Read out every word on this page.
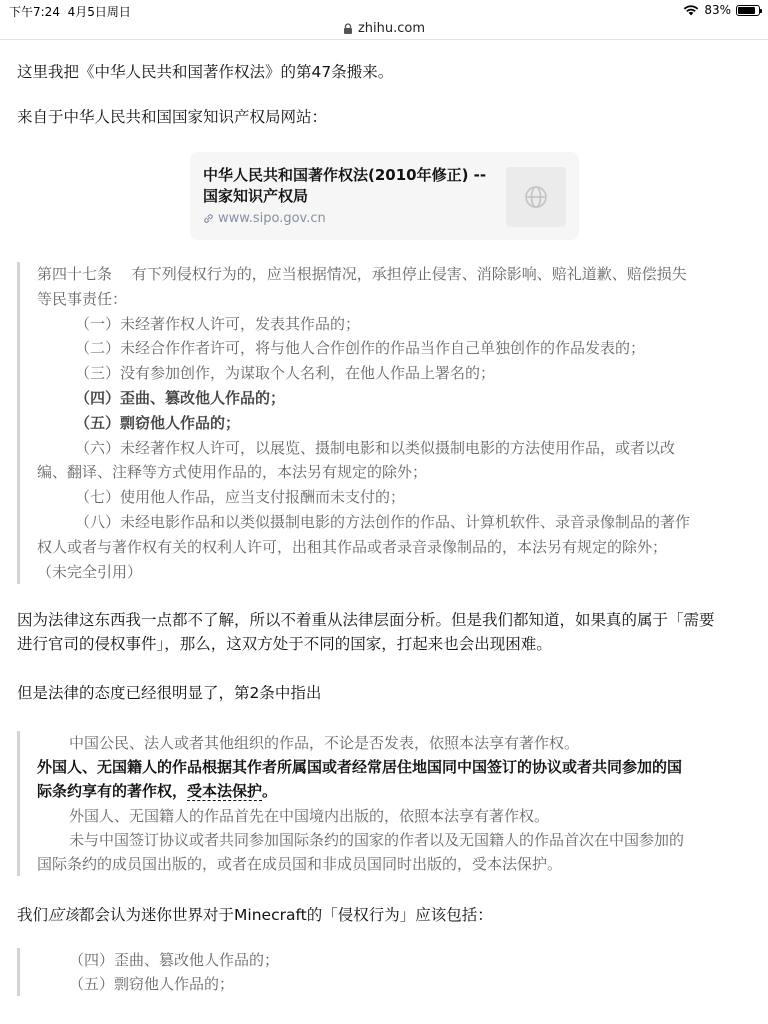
下午7:24 4月5日周日	83%
zhihu.com
这里我把《中华人民共和国著作权法》的第47条搬来。
来自于中华人民共和国国家知识产权局网站：
中华人民共和国著作权法(2010年修正) -- 国家知识产权局
www.sipo.gov.cn
第四十七条　 有下列侵权行为的，应当根据情况，承担停止侵害、消除影响、赔礼道歉、赔偿损失
等民事责任：
（一）未经著作权人许可，发表其作品的；
（二）未经合作作者许可，将与他人合作创作的作品当作自己单独创作的作品发表的；
（三）没有参加创作，为谋取个人名利，在他人作品上署名的；
（四）歪曲、篡改他人作品的；
（五）剽窃他人作品的；
（六）未经著作权人许可，以展览、摄制电影和以类似摄制电影的方法使用作品，或者以改
编、翻译、注释等方式使用作品的，本法另有规定的除外；
（七）使用他人作品，应当支付报酬而未支付的；
（八）未经电影作品和以类似摄制电影的方法创作的作品、计算机软件、录音录像制品的著作
权人或者与著作权有关的权利人许可，出租其作品或者录音录像制品的，本法另有规定的除外；
（未完全引用）
因为法律这东西我一点都不了解，所以不着重从法律层面分析。但是我们都知道，如果真的属于「需要
进行官司的侵权事件」，那么，这双方处于不同的国家，打起来也会出现困难。
但是法律的态度已经很明显了，第2条中指出
中国公民、法人或者其他组织的作品，不论是否发表，依照本法享有著作权。
外国人、无国籍人的作品根据其作者所属国或者经常居住地国同中国签订的协议或者共同参加的国
际条约享有的著作权，受本法保护。
外国人、无国籍人的作品首先在中国境内出版的，依照本法享有著作权。
未与中国签订协议或者共同参加国际条约的国家的作者以及无国籍人的作品首次在中国参加的
国际条约的成员国出版的，或者在成员国和非成员国同时出版的，受本法保护。
我们应该都会认为迷你世界对于Minecraft的「侵权行为」应该包括：
（四）歪曲、篡改他人作品的；
（五）剽窃他人作品的；
